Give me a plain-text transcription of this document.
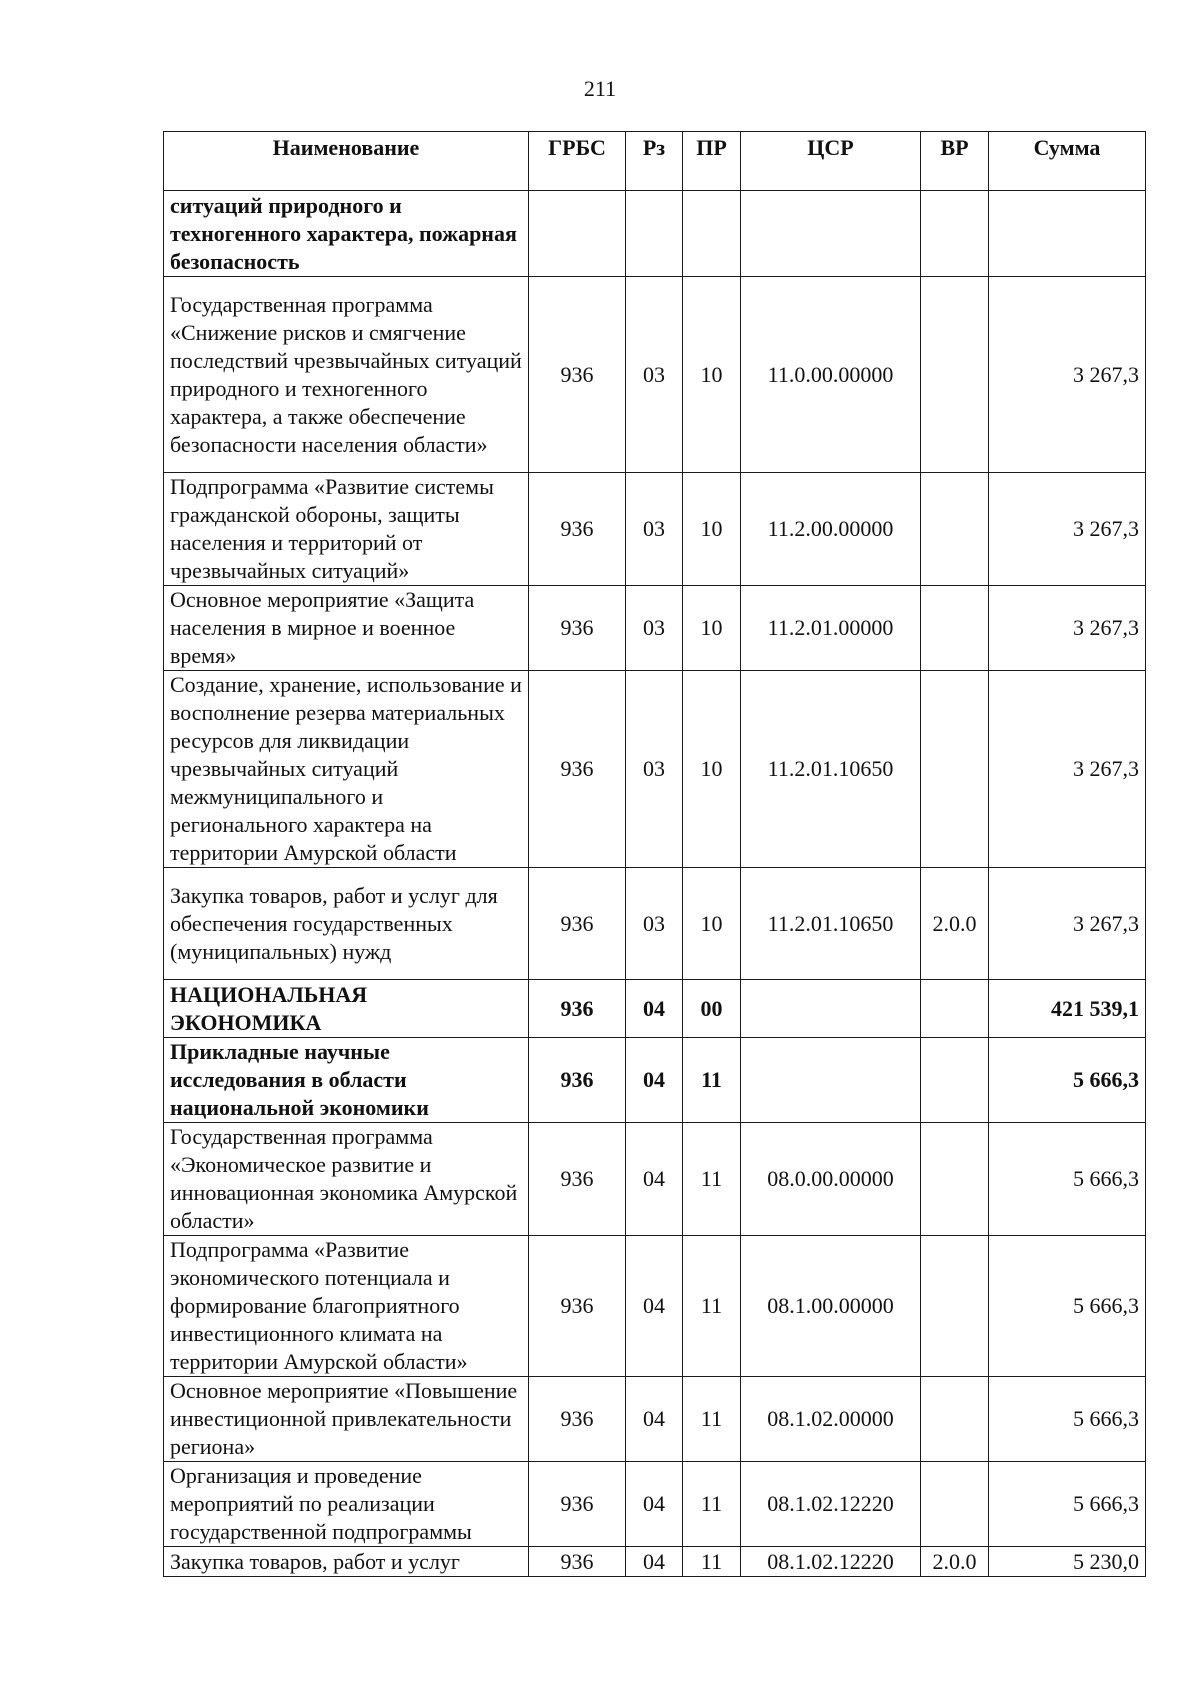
211
Наименование	ГРБС	Рз	ПР	ЦСР	ВР	Сумма
ситуаций природного и техногенного характера, пожарная безопасность						
Государственная программа «Снижение рисков и смягчение последствий чрезвычайных ситуаций природного и техногенного характера, а также обеспечение безопасности населения области»	936	03	10	11.0.00.00000		3 267,3
Подпрограмма «Развитие системы гражданской обороны, защиты населения и территорий от чрезвычайных ситуаций»	936	03	10	11.2.00.00000		3 267,3
Основное мероприятие «Защита населения в мирное и военное время»	936	03	10	11.2.01.00000		3 267,3
Создание, хранение, использование и восполнение резерва материальных ресурсов для ликвидации чрезвычайных ситуаций межмуниципального и регионального характера на территории Амурской области	936	03	10	11.2.01.10650		3 267,3
Закупка товаров, работ и услуг для обеспечения государственных (муниципальных) нужд	936	03	10	11.2.01.10650	2.0.0	3 267,3
НАЦИОНАЛЬНАЯ ЭКОНОМИКА	936	04	00			421 539,1
Прикладные научные исследования в области национальной экономики	936	04	11			5 666,3
Государственная программа «Экономическое развитие и инновационная экономика Амурской области»	936	04	11	08.0.00.00000		5 666,3
Подпрограмма «Развитие экономического потенциала и формирование благоприятного инвестиционного климата на территории Амурской области»	936	04	11	08.1.00.00000		5 666,3
Основное мероприятие «Повышение инвестиционной привлекательности региона»	936	04	11	08.1.02.00000		5 666,3
Организация и проведение мероприятий по реализации государственной подпрограммы	936	04	11	08.1.02.12220		5 666,3
Закупка товаров, работ и услуг	936	04	11	08.1.02.12220	2.0.0	5 230,0
